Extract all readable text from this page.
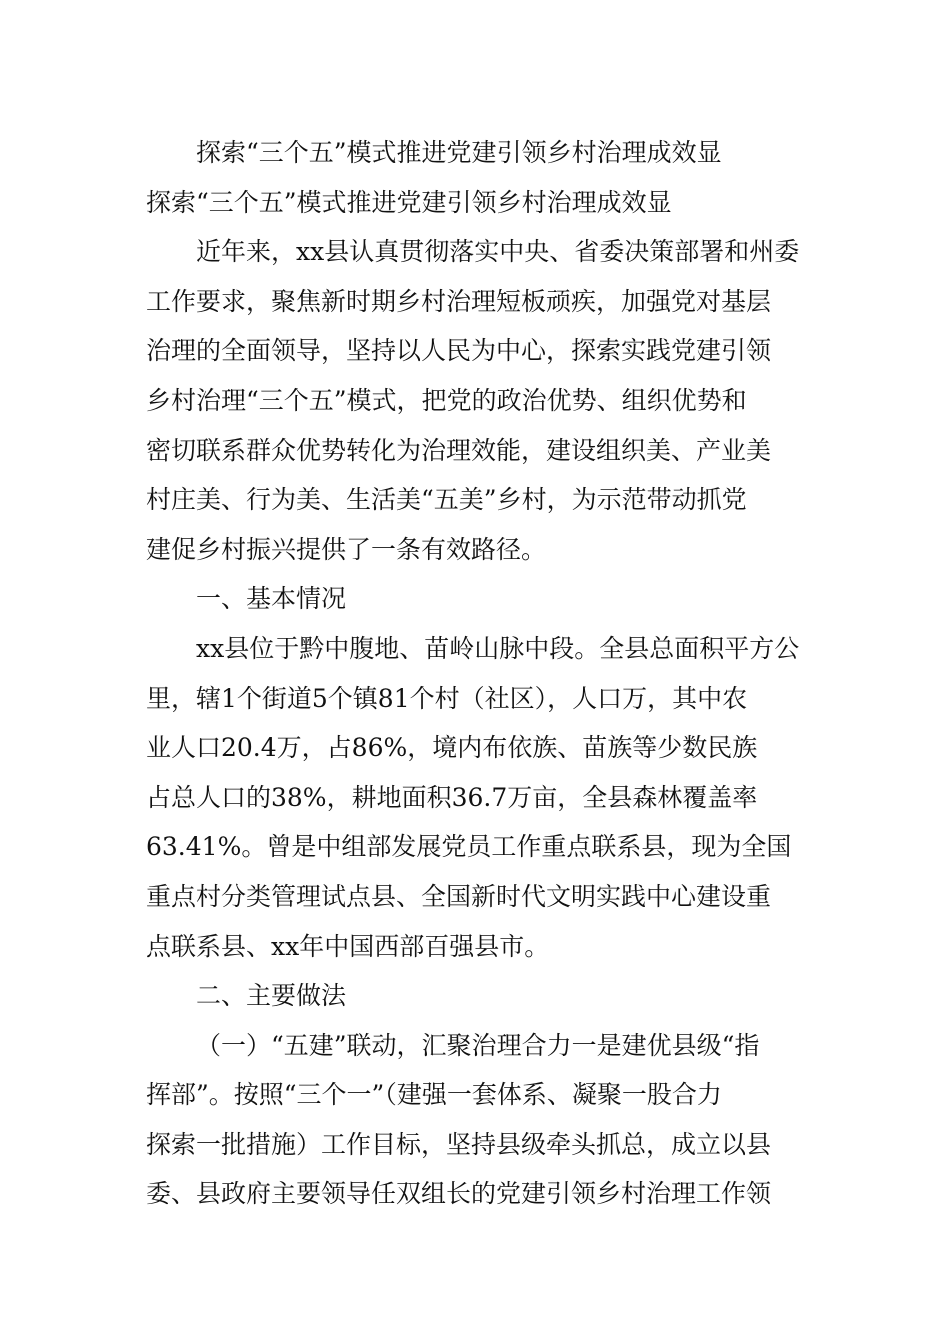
探索“三个五”模式推进党建引领乡村治理成效显
探索“三个五”模式推进党建引领乡村治理成效显
近年来，xx县认真贯彻落实中央、省委决策部署和州委
工作要求，聚焦新时期乡村治理短板顽疾，加强党对基层
治理的全面领导，坚持以人民为中心，探索实践党建引领
乡村治理“三个五”模式，把党的政治优势、组织优势和
密切联系群众优势转化为治理效能，建设组织美、产业美
村庄美、行为美、生活美“五美”乡村，为示范带动抓党
建促乡村振兴提供了一条有效路径。
一、基本情况
xx县位于黔中腹地、苗岭山脉中段。全县总面积平方公
里，辖1个街道5个镇81个村（社区），人口万，其中农
业人口20.4万，占86%，境内布依族、苗族等少数民族
占总人口的38%，耕地面积36.7万亩，全县森林覆盖率
63.41%。曾是中组部发展党员工作重点联系县，现为全国
重点村分类管理试点县、全国新时代文明实践中心建设重
点联系县、xx年中国西部百强县市。
二、主要做法
（一）“五建”联动，汇聚治理合力一是建优县级“指
挥部”。按照“三个一”（建强一套体系、凝聚一股合力
探索一批措施）工作目标，坚持县级牵头抓总，成立以县
委、县政府主要领导任双组长的党建引领乡村治理工作领
